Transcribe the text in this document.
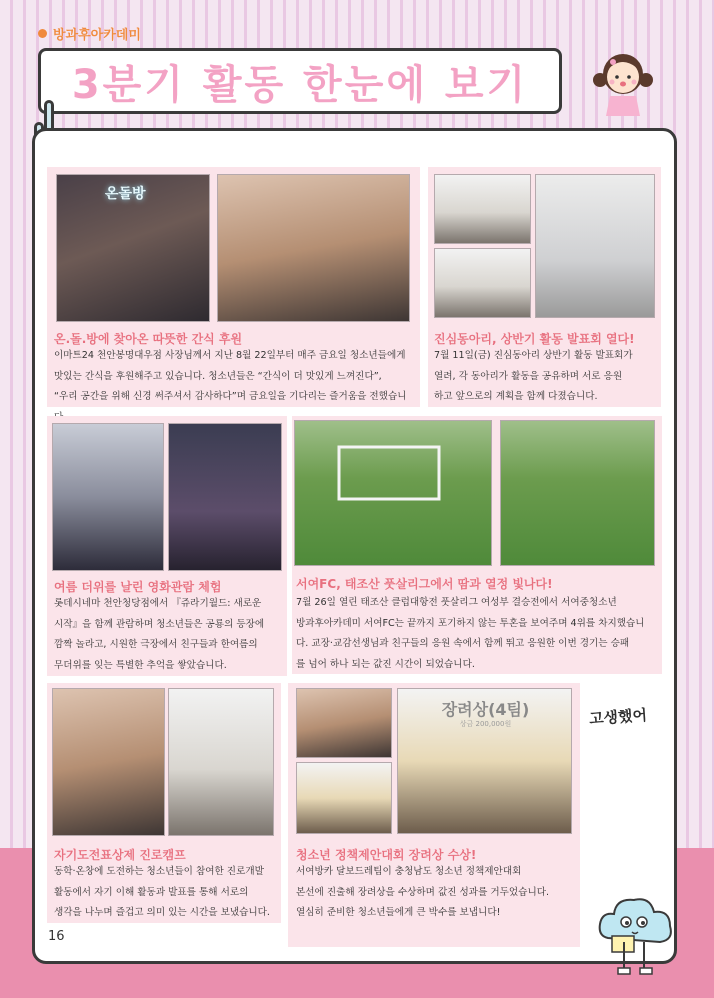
방과후아카데미
3분기 활동 한눈에 보기
온돌방
온.돌.방에 찾아온 따뜻한 간식 후원
이마트24 천안봉명대우점 사장님께서 지난 8월 22일부터 매주 금요일 청소년들에게
맛있는 간식을 후원해주고 있습니다. 청소년들은 “간식이 더 맛있게 느껴진다”,
“우리 공간을 위해 신경 써주셔서 감사하다”며 금요일을 기다리는 즐거움을 전했습니
진심동아리, 상반기 활동 발표회 열다!
7월 11일(금) 진심동아리 상반기 활동 발표회가
열려, 각 동아리가 활동을 공유하며 서로 응원
하고 앞으로의 계획을 함께 다졌습니다.
여름 더위를 날린 영화관람 체험
롯데시네마 천안청당점에서 『쥬라기월드: 새로운
시작』을 함께 관람하며 청소년들은 공룡의 등장에
깜짝 놀라고, 시원한 극장에서 친구들과 한여름의
무더위를 잊는 특별한 추억을 쌓았습니다.
서여FC, 태조산 풋살리그에서 땀과 열정 빛나다!
7월 26일 열린 태조산 클럽대항전 풋살리그 여성부 결승전에서 서여중청소년
방과후아카데미 서여FC는 끝까지 포기하지 않는 투혼을 보여주며 4위를 차지했습니
다. 교장·교감선생님과 친구들의 응원 속에서 함께 뛰고 응원한 이번 경기는 승패
를 넘어 하나 되는 값진 시간이 되었습니다.
자기도전표상제 진로캠프
동학·온창에 도전하는 청소년들이 참여한 진로개발
활동에서 자기 이해 활동과 발표를 통해 서로의
생각을 나누며 즐겁고 의미 있는 시간을 보냈습니다.
장려상(4팀)
상금 200,000원
청소년 정책제안대회 장려상 수상!
서여방카 달보드레팀이 충청남도 청소년 정책제안대회
본선에 진출해 장려상을 수상하며 값진 성과를 거두었습니다.
열심히 준비한 청소년들에게 큰 박수를 보냅니다!
고생했어
16
